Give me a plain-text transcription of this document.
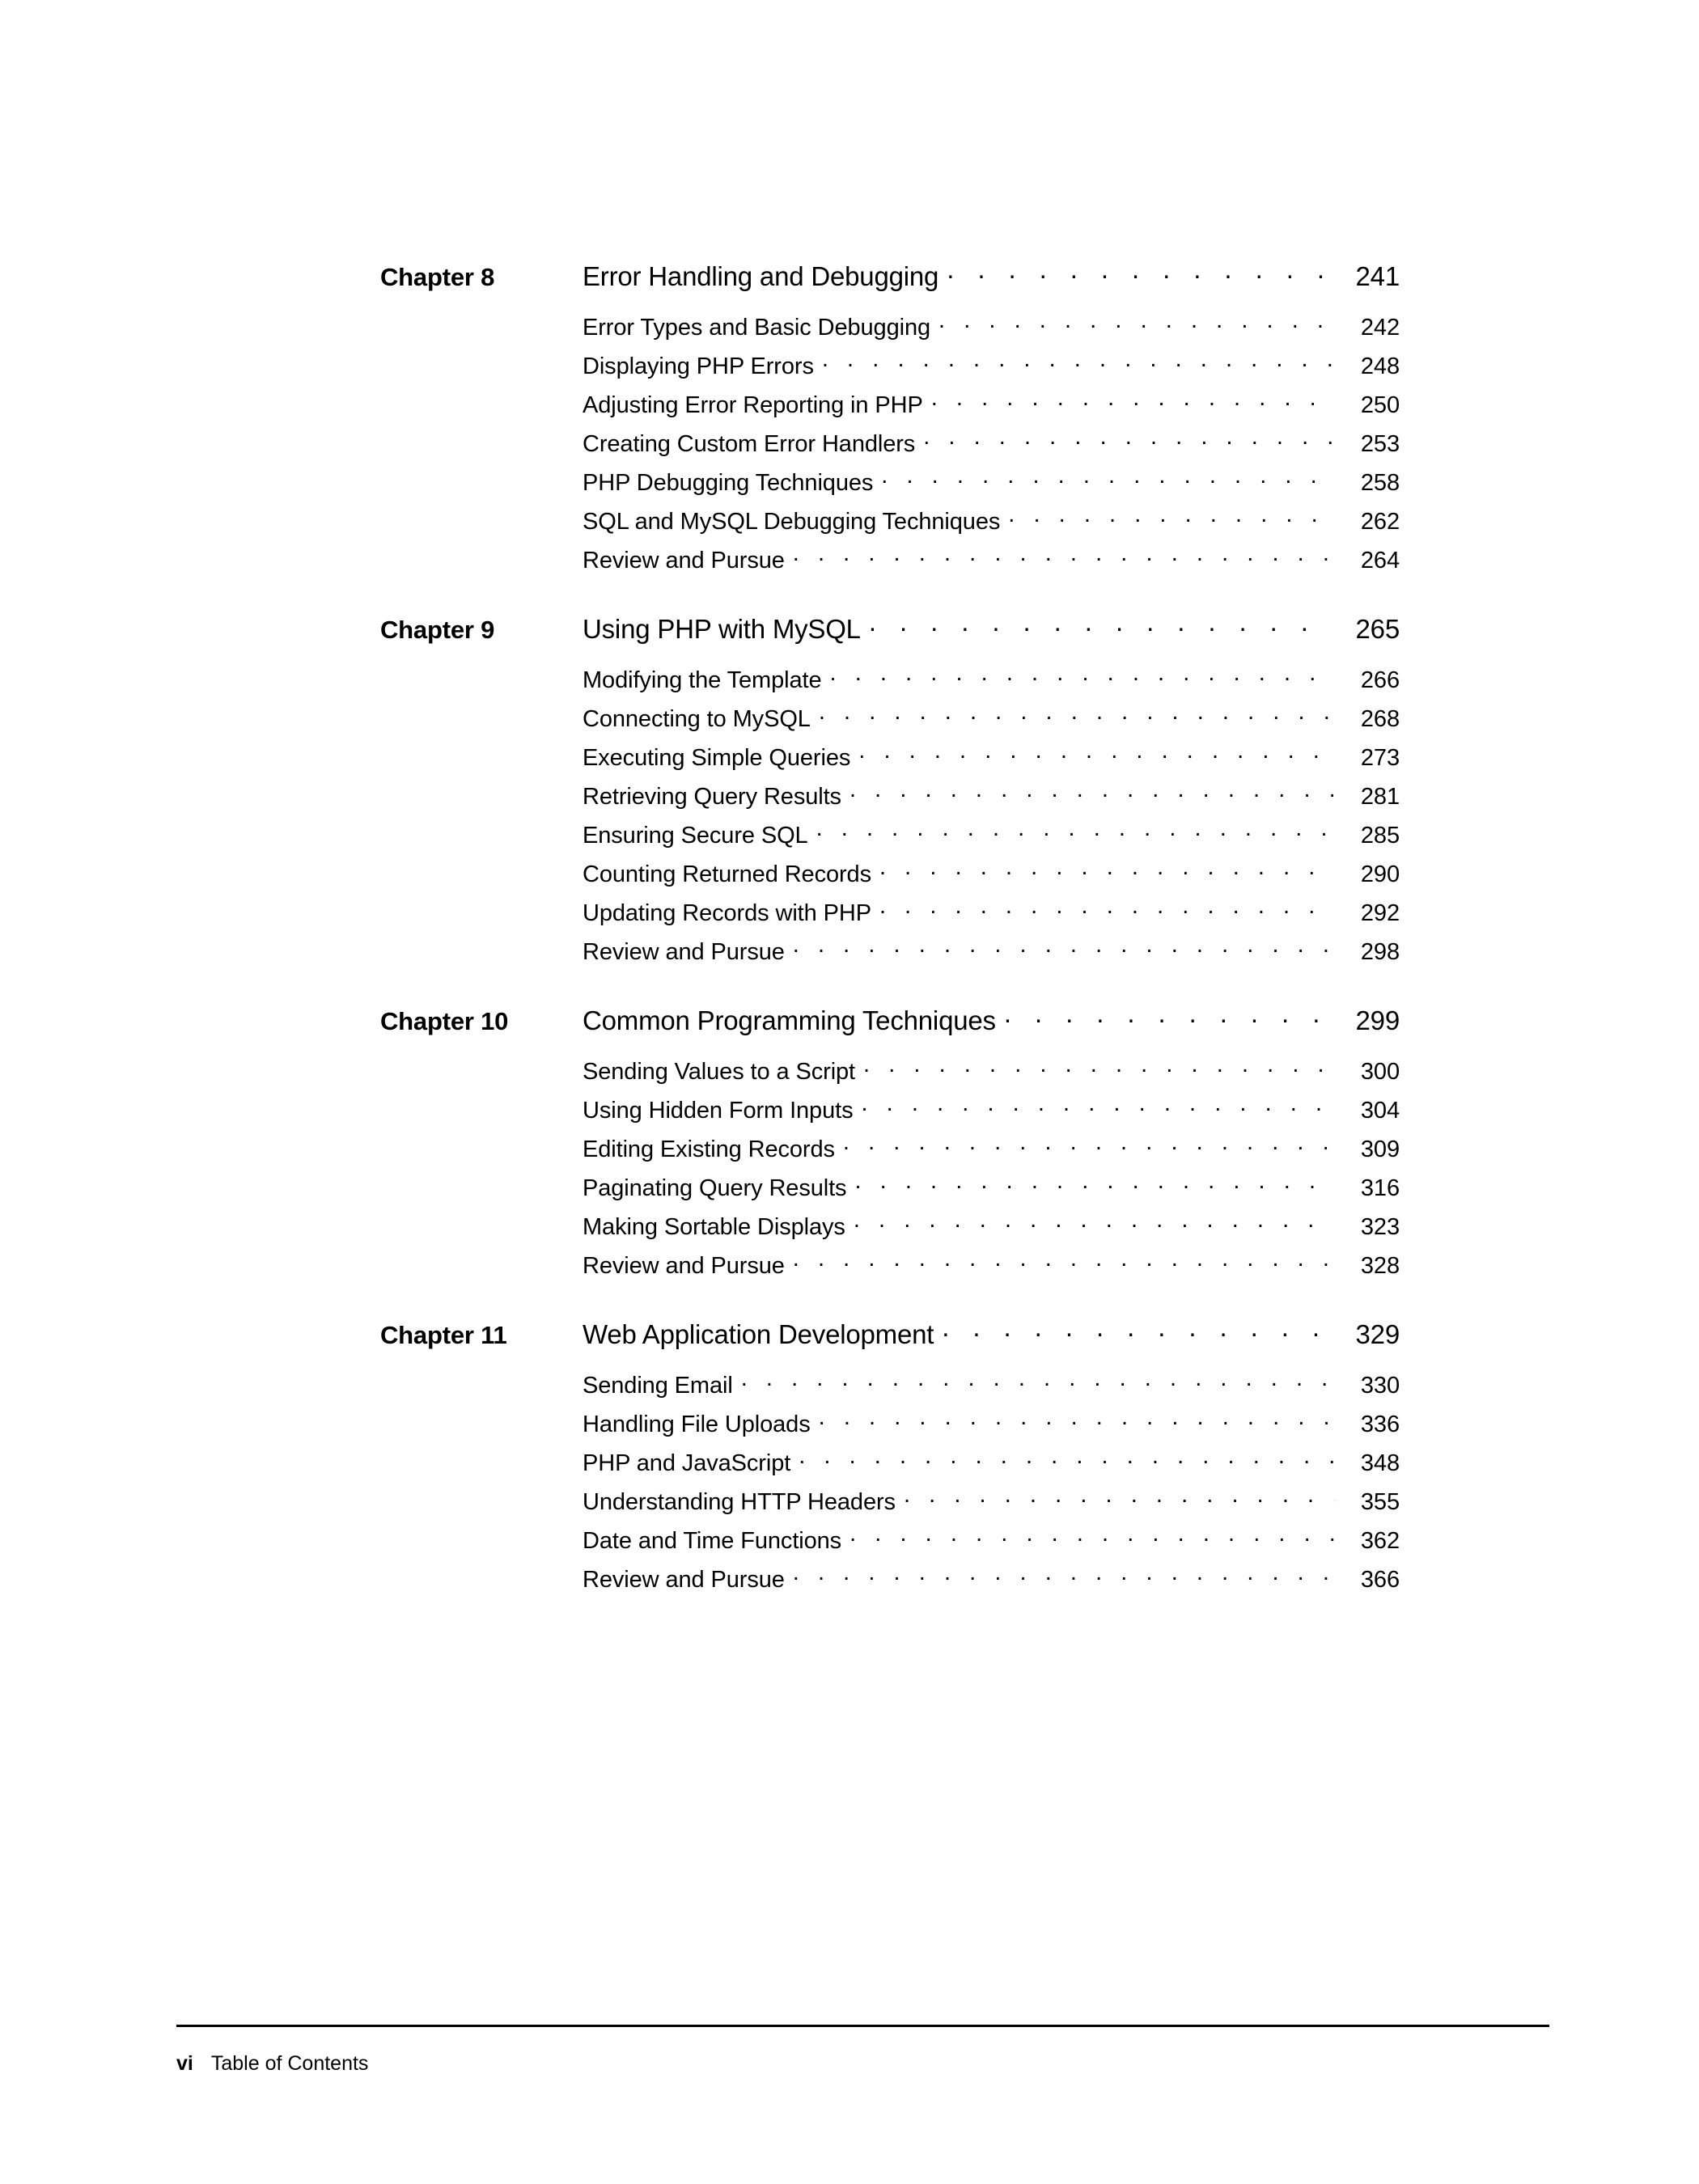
Chapter 8	Error Handling and Debugging . . .	241
Error Types and Basic Debugging . . .	242
Displaying PHP Errors . . .	248
Adjusting Error Reporting in PHP . . .	250
Creating Custom Error Handlers . . .	253
PHP Debugging Techniques . . .	258
SQL and MySQL Debugging Techniques . . .	262
Review and Pursue . . .	264
Chapter 9	Using PHP with MySQL . . .	265
Modifying the Template . . .	266
Connecting to MySQL . . .	268
Executing Simple Queries . . .	273
Retrieving Query Results . . .	281
Ensuring Secure SQL . . .	285
Counting Returned Records . . .	290
Updating Records with PHP . . .	292
Review and Pursue . . .	298
Chapter 10	Common Programming Techniques . . .	299
Sending Values to a Script . . .	300
Using Hidden Form Inputs . . .	304
Editing Existing Records . . .	309
Paginating Query Results . . .	316
Making Sortable Displays . . .	323
Review and Pursue . . .	328
Chapter 11	Web Application Development . . .	329
Sending Email . . .	330
Handling File Uploads . . .	336
PHP and JavaScript . . .	348
Understanding HTTP Headers . . .	355
Date and Time Functions . . .	362
Review and Pursue . . .	366
vi Table of Contents
